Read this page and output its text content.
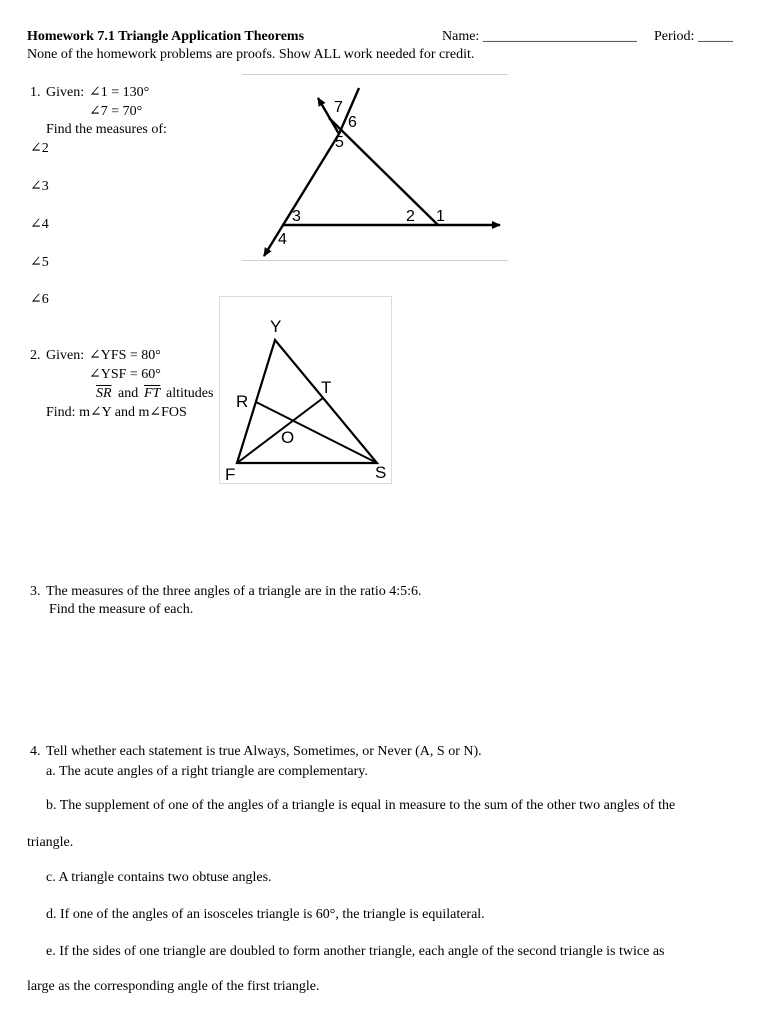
Homework 7.1 Triangle Application Theorems	Name: ______________________ Period: _____
None of the homework problems are proofs. Show ALL work needed for credit.
1. Given: ∠1 = 130°
∠7 = 70°
Find the measures of:
∠2
∠3
∠4
∠5
∠6
7
6
5
3
4
2 1
2. Given: ∠YFS = 80°
∠YSF = 60°
$\overline{SR}$ and $\overline{FT}$ altitudes
Find: m∠Y and m∠FOS
Y
R
T
O
F	S
3. The measures of the three angles of a triangle are in the ratio 4:5:6.
Find the measure of each.
4. Tell whether each statement is true Always, Sometimes, or Never (A, S or N).
a. The acute angles of a right triangle are complementary.
b. The supplement of one of the angles of a triangle is equal in measure to the sum of the other two angles of the
triangle.
c. A triangle contains two obtuse angles.
d. If one of the angles of an isosceles triangle is 60°, the triangle is equilateral.
e. If the sides of one triangle are doubled to form another triangle, each angle of the second triangle is twice as
large as the corresponding angle of the first triangle.
